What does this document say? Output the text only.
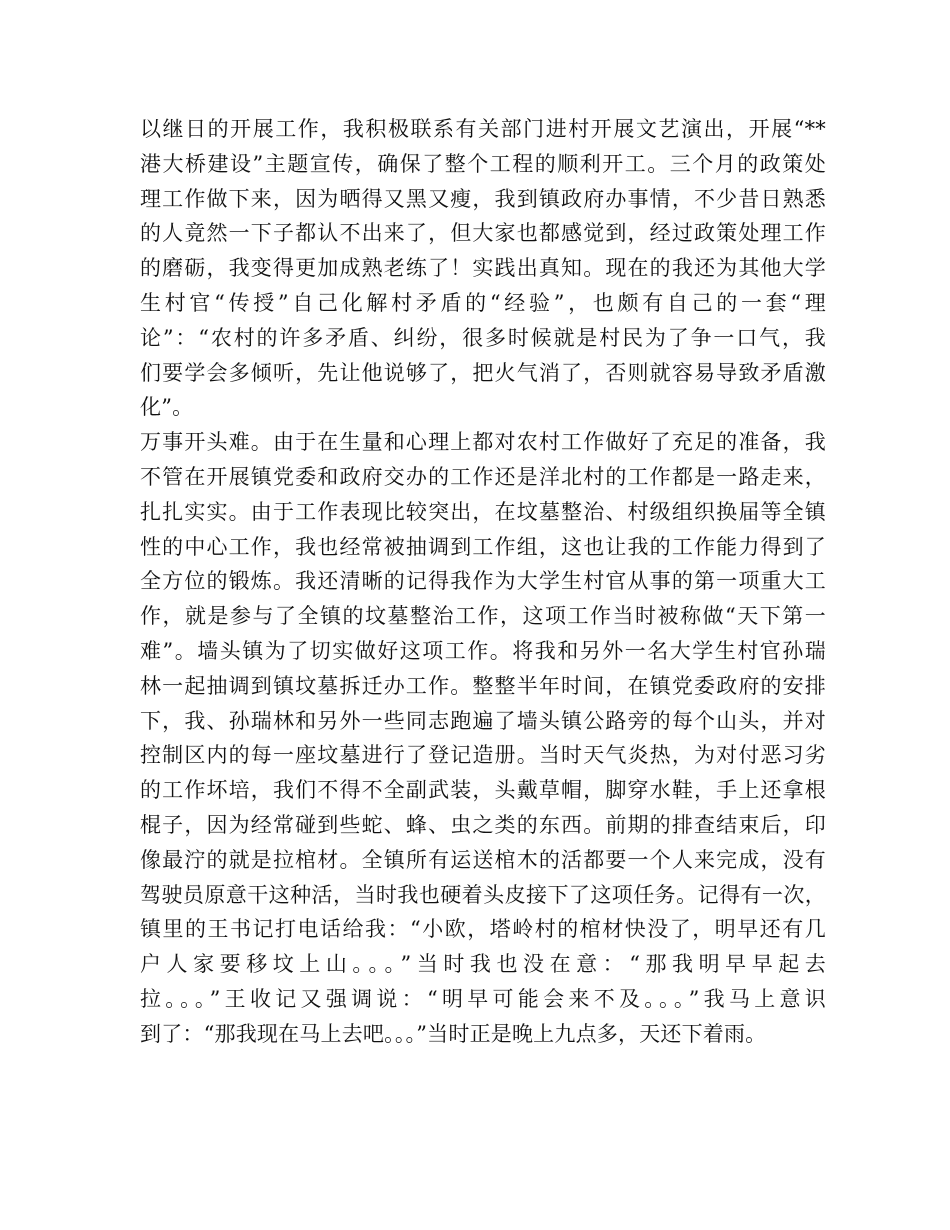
以继日的开展工作，我积极联系有关部门进村开展文艺演出，开展“**
港大桥建设”主题宣传，确保了整个工程的顺利开工。三个月的政策处
理工作做下来，因为晒得又黑又瘦，我到镇政府办事情，不少昔日熟悉
的人竟然一下子都认不出来了，但大家也都感觉到，经过政策处理工作
的磨砺，我变得更加成熟老练了！实践出真知。现在的我还为其他大学
生村官“传授”自己化解村矛盾的“经验”，也颇有自己的一套“理
论”：“农村的许多矛盾、纠纷，很多时候就是村民为了争一口气，我
们要学会多倾听，先让他说够了，把火气消了，否则就容易导致矛盾激
化”。
万事开头难。由于在生量和心理上都对农村工作做好了充足的准备，我
不管在开展镇党委和政府交办的工作还是洋北村的工作都是一路走来，
扎扎实实。由于工作表现比较突出，在坟墓整治、村级组织换届等全镇
性的中心工作，我也经常被抽调到工作组，这也让我的工作能力得到了
全方位的锻炼。我还清晰的记得我作为大学生村官从事的第一项重大工
作，就是参与了全镇的坟墓整治工作，这项工作当时被称做“天下第一
难”。墙头镇为了切实做好这项工作。将我和另外一名大学生村官孙瑞
林一起抽调到镇坟墓拆迁办工作。整整半年时间，在镇党委政府的安排
下，我、孙瑞林和另外一些同志跑遍了墙头镇公路旁的每个山头，并对
控制区内的每一座坟墓进行了登记造册。当时天气炎热，为对付恶习劣
的工作坏培，我们不得不全副武装，头戴草帽，脚穿水鞋，手上还拿根
棍子，因为经常碰到些蛇、蜂、虫之类的东西。前期的排查结束后，印
像最泞的就是拉棺材。全镇所有运送棺木的活都要一个人来完成，没有
驾驶员原意干这种活，当时我也硬着头皮接下了这项任务。记得有一次，
镇里的王书记打电话给我：“小欧，塔岭村的棺材快没了，明早还有几
户人家要移坟上山。。。”当时我也没在意：“那我明早早起去
拉。。。”王收记又强调说：“明早可能会来不及。。。”我马上意识
到了：“那我现在马上去吧。。。”当时正是晚上九点多，天还下着雨。
